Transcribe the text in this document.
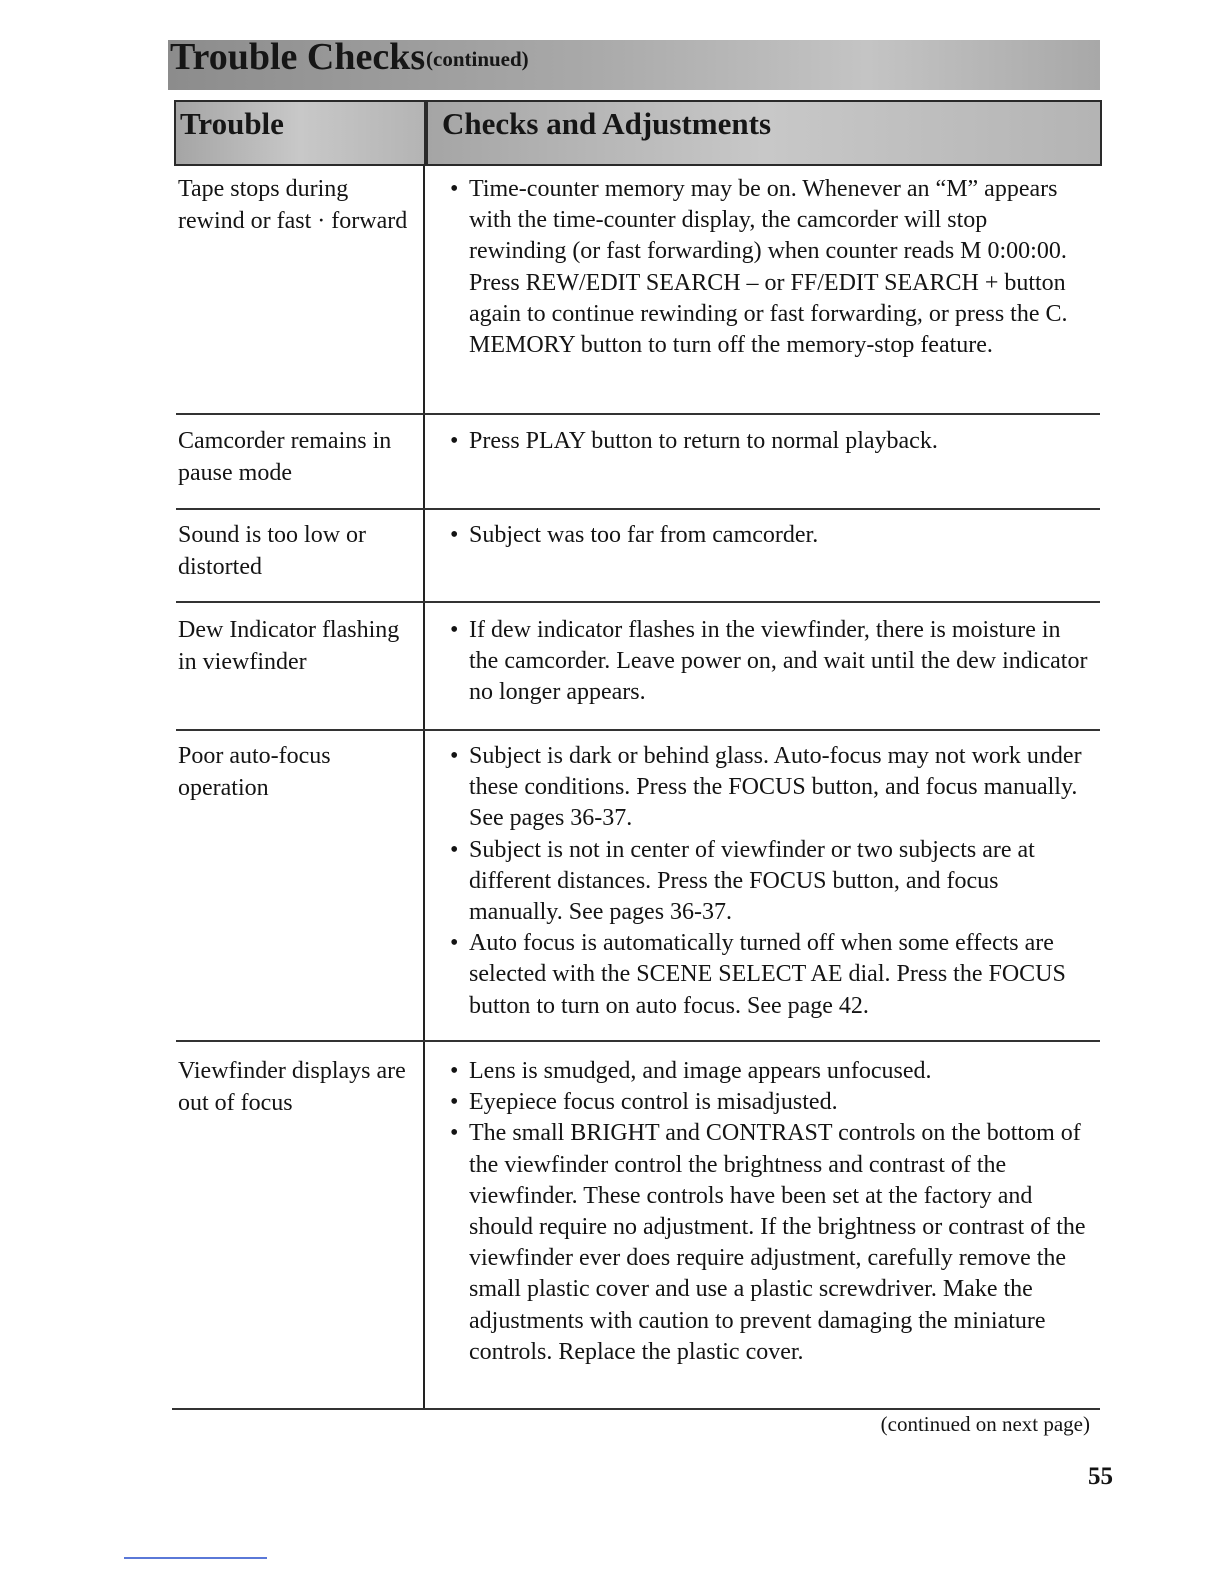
Trouble Checks (continued)
Trouble	Checks and Adjustments

Tape stops during rewind or fast · forward

• Time-counter memory may be on. Whenever an “M” appears with the time-counter display, the camcorder will stop rewinding (or fast forwarding) when counter reads M 0:00:00. Press REW/EDIT SEARCH – or FF/EDIT SEARCH + button again to continue rewinding or fast forwarding, or press the C. MEMORY button to turn off the memory-stop feature.

Camcorder remains in pause mode

• Press PLAY button to return to normal playback.

Sound is too low or distorted

• Subject was too far from camcorder.

Dew Indicator flashing in viewfinder

• If dew indicator flashes in the viewfinder, there is moisture in the camcorder. Leave power on, and wait until the dew indicator no longer appears.

Poor auto-focus operation

• Subject is dark or behind glass. Auto-focus may not work under these conditions. Press the FOCUS button, and focus manually. See pages 36-37.
• Subject is not in center of viewfinder or two subjects are at different distances. Press the FOCUS button, and focus manually. See pages 36-37.
• Auto focus is automatically turned off when some effects are selected with the SCENE SELECT AE dial. Press the FOCUS button to turn on auto focus. See page 42.

Viewfinder displays are out of focus

• Lens is smudged, and image appears unfocused.
• Eyepiece focus control is misadjusted.
• The small BRIGHT and CONTRAST controls on the bottom of the viewfinder control the brightness and contrast of the viewfinder. These controls have been set at the factory and should require no adjustment. If the brightness or contrast of the viewfinder ever does require adjustment, carefully remove the small plastic cover and use a plastic screwdriver. Make the adjustments with caution to prevent damaging the miniature controls. Replace the plastic cover.
(continued on next page)
55
